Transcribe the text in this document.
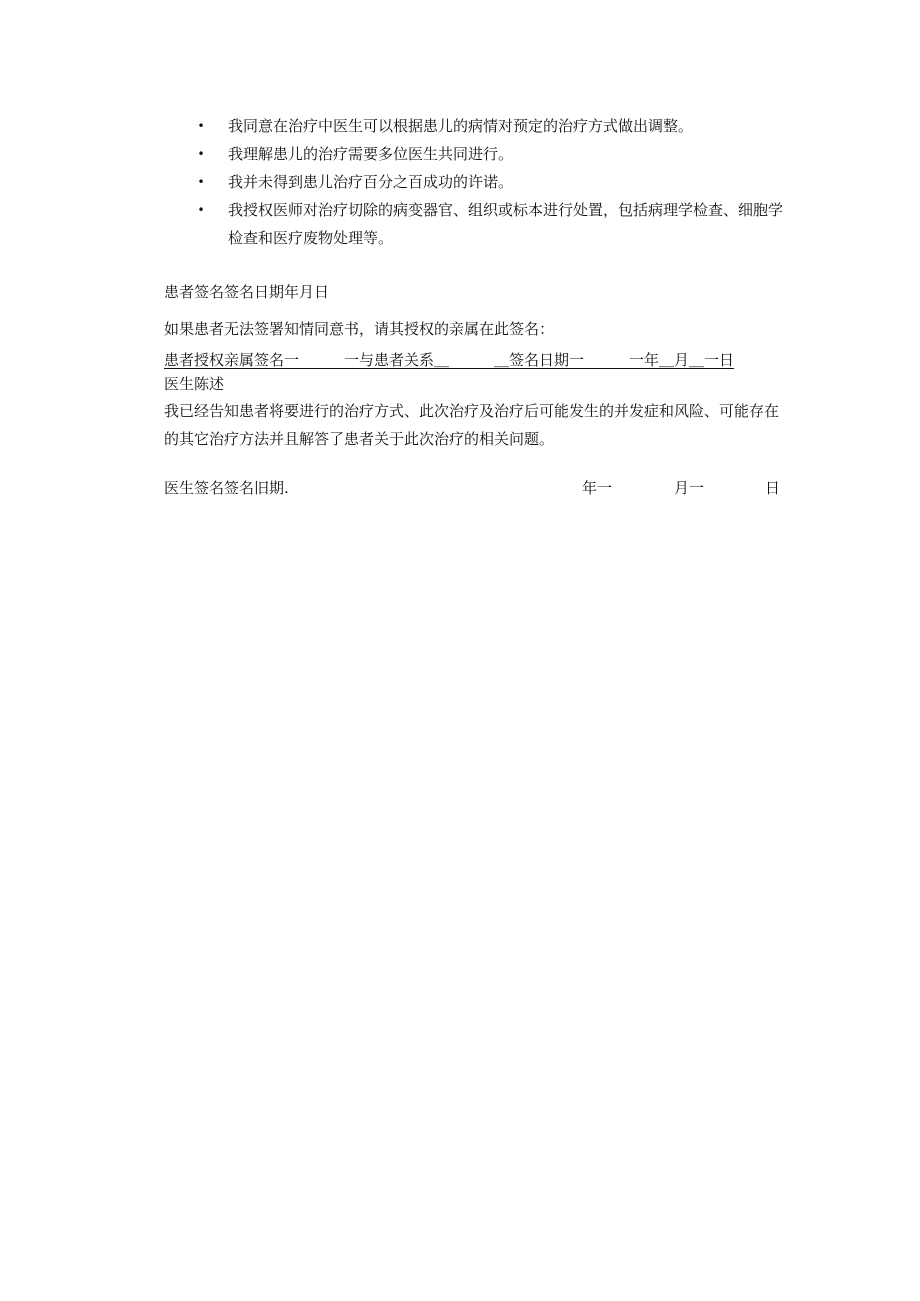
• 我同意在治疗中医生可以根据患儿的病情对预定的治疗方式做出调整。
• 我理解患儿的治疗需要多位医生共同进行。
• 我并未得到患儿治疗百分之百成功的许诺。
• 我授权医师对治疗切除的病变器官、组织或标本进行处置，包括病理学检查、细胞学检查和医疗废物处理等。
患者签名签名日期年月日
如果患者无法签署知情同意书，请其授权的亲属在此签名：
患者授权亲属签名一　　　一与患者关系＿　　　＿签名日期一　　　一年＿月＿一日
医生陈述
我已经告知患者将要进行的治疗方式、此次治疗及治疗后可能发生的并发症和风险、可能存在的其它治疗方法并且解答了患者关于此次治疗的相关问题。
医生签名签名旧期.	年一	月一	日
